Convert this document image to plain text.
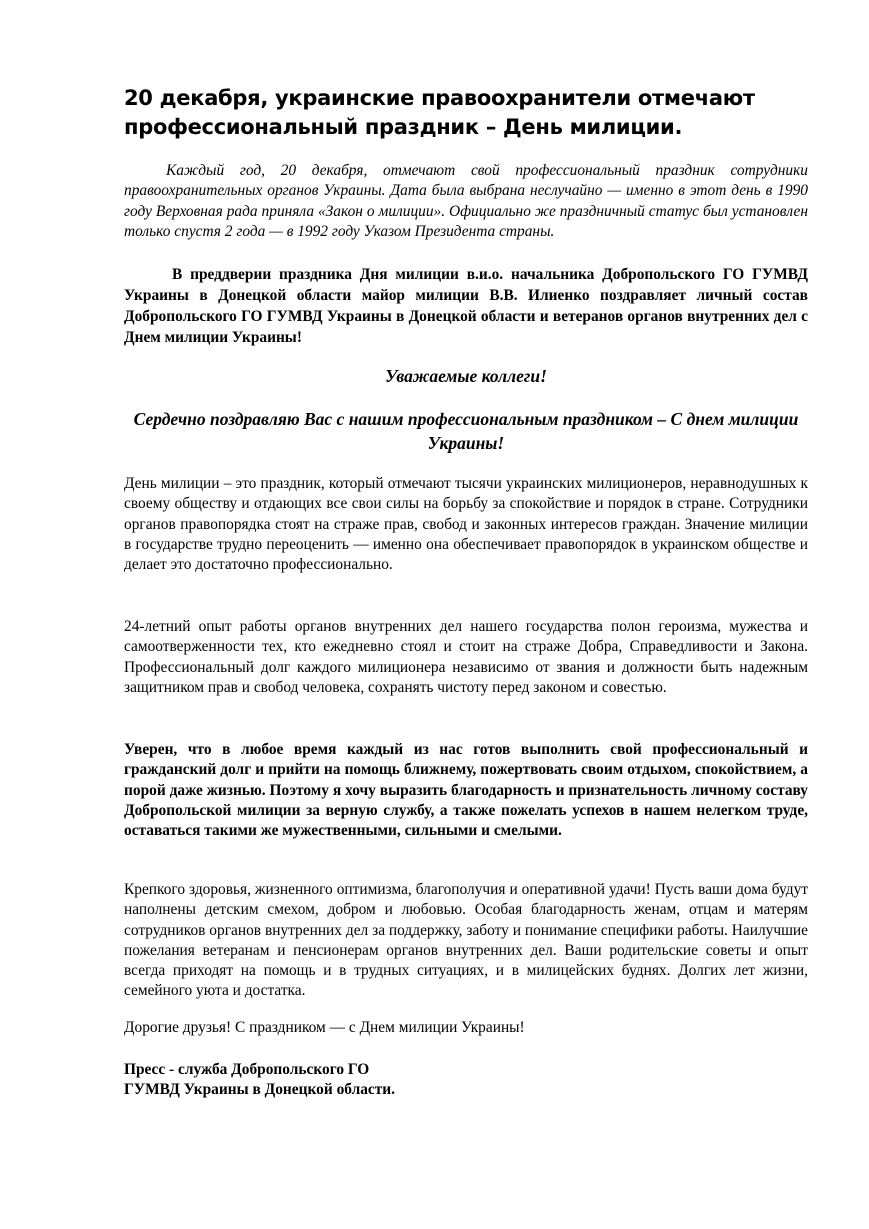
20 декабря, украинские правоохранители отмечают профессиональный праздник – День милиции.

Каждый год, 20 декабря, отмечают свой профессиональный праздник сотрудники правоохранительных органов Украины. Дата была выбрана неслучайно — именно в этот день в 1990 году Верховная рада приняла «Закон о милиции». Официально же праздничный статус был установлен только спустя 2 года — в 1992 году Указом Президента страны.

В преддверии праздника Дня милиции в.и.о. начальника Добропольского ГО ГУМВД Украины в Донецкой области майор милиции В.В. Илиенко поздравляет личный состав Добропольского ГО ГУМВД Украины в Донецкой области и ветеранов органов внутренних дел с Днем милиции Украины!

Уважаемые коллеги!

Сердечно поздравляю Вас с нашим профессиональным праздником – С днем милиции Украины!

День милиции – это праздник, который отмечают тысячи украинских милиционеров, неравнодушных к своему обществу и отдающих все свои силы на борьбу за спокойствие и порядок в стране. Сотрудники органов правопорядка стоят на страже прав, свобод и законных интересов граждан. Значение милиции в государстве трудно переоценить — именно она обеспечивает правопорядок в украинском обществе и делает это достаточно профессионально.

24-летний опыт работы органов внутренних дел нашего государства полон героизма, мужества и самоотверженности тех, кто ежедневно стоял и стоит на страже Добра, Справедливости и Закона. Профессиональный долг каждого милиционера независимо от звания и должности быть надежным защитником прав и свобод человека, сохранять чистоту перед законом и совестью.

Уверен, что в любое время каждый из нас готов выполнить свой профессиональный и гражданский долг и прийти на помощь ближнему, пожертвовать своим отдыхом, спокойствием, а порой даже жизнью. Поэтому я хочу выразить благодарность и признательность личному составу Добропольской милиции за верную службу, а также пожелать успехов в нашем нелегком труде, оставаться такими же мужественными, сильными и смелыми.

Крепкого здоровья, жизненного оптимизма, благополучия и оперативной удачи! Пусть ваши дома будут наполнены детским смехом, добром и любовью. Особая благодарность женам, отцам и матерям сотрудников органов внутренних дел за поддержку, заботу и понимание специфики работы. Наилучшие пожелания ветеранам и пенсионерам органов внутренних дел. Ваши родительские советы и опыт всегда приходят на помощь и в трудных ситуациях, и в милицейских буднях. Долгих лет жизни, семейного уюта и достатка.

Дорогие друзья! С праздником — с Днем милиции Украины!

Пресс - служба Добропольского ГО

ГУМВД Украины в Донецкой области.
